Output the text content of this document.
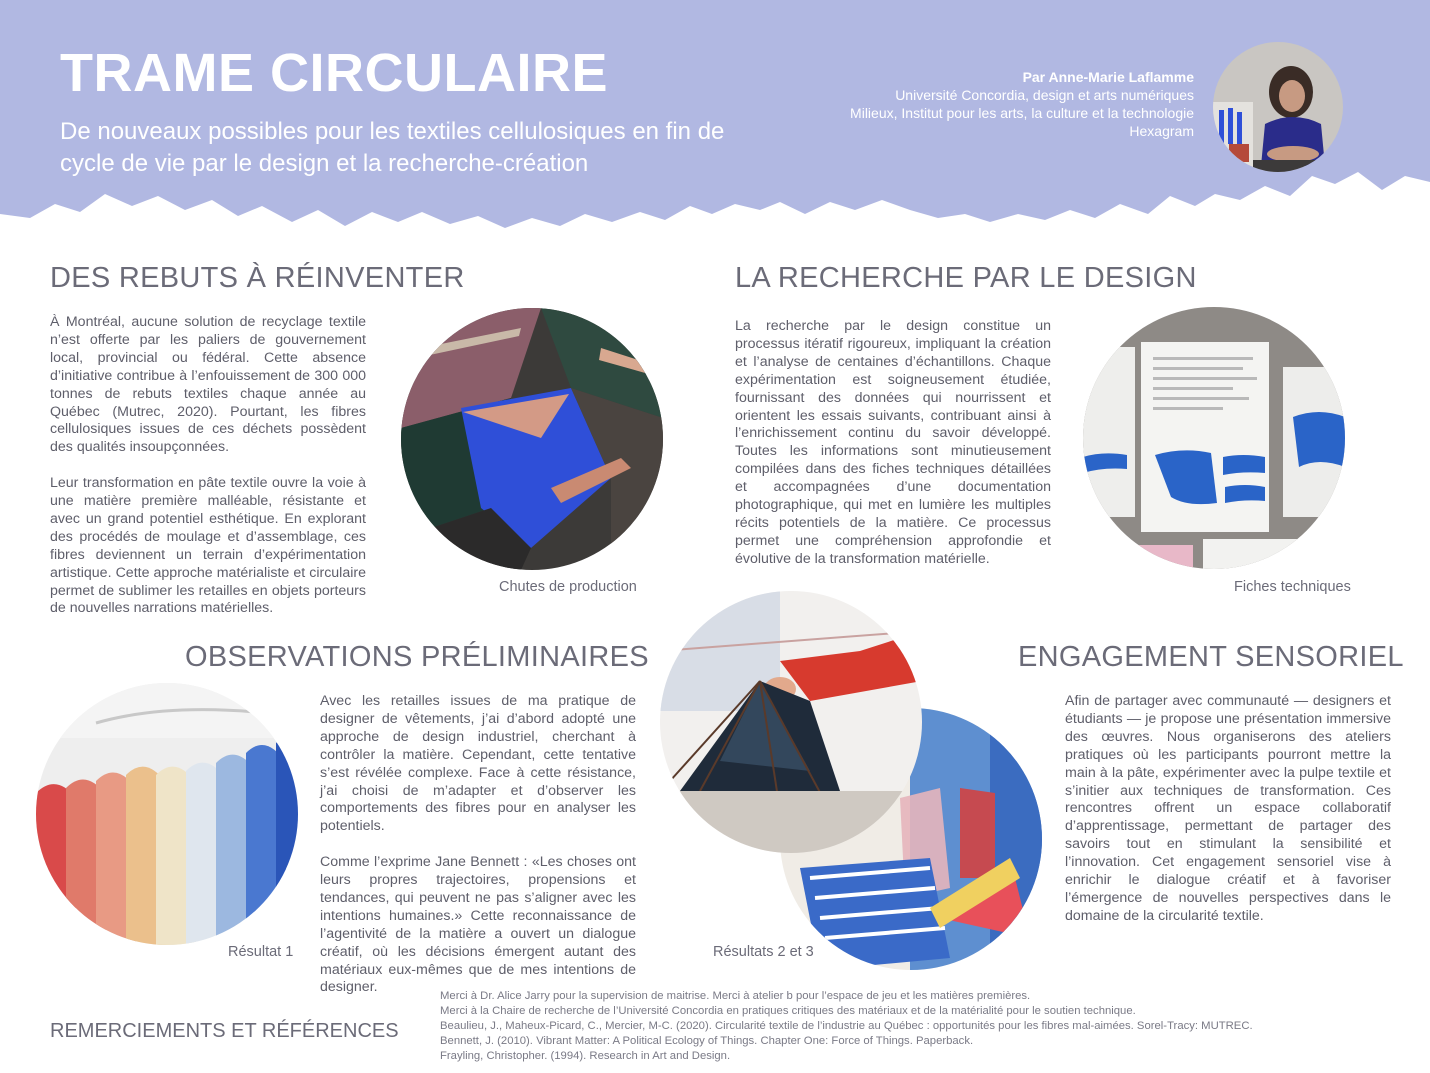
TRAME CIRCULAIRE

De nouveaux possibles pour les textiles cellulosiques en fin de cycle de vie par le design et la recherche-création

Par Anne-Marie Laflamme
Université Concordia, design et arts numériques
Milieux, Institut pour les arts, la culture et la technologie
Hexagram
DES REBUTS À RÉINVENTER

À Montréal, aucune solution de recyclage textile n’est offerte par les paliers de gouvernement local, provincial ou fédéral. Cette absence d’initiative contribue à l’enfouissement de 300 000 tonnes de rebuts textiles chaque année au Québec (Mutrec, 2020). Pourtant, les fibres cellulosiques issues de ces déchets possèdent des qualités insoupçonnées.

Leur transformation en pâte textile ouvre la voie à une matière première malléable, résistante et avec un grand potentiel esthétique. En explorant des procédés de moulage et d’assemblage, ces fibres deviennent un terrain d’expérimentation artistique. Cette approche matérialiste et circulaire permet de sublimer les retailles en objets porteurs de nouvelles narrations matérielles.

Chutes de production
LA RECHERCHE PAR LE DESIGN

La recherche par le design constitue un processus itératif rigoureux, impliquant la création et l’analyse de centaines d’échantillons. Chaque expérimentation est soigneusement étudiée, fournissant des données qui nourrissent et orientent les essais suivants, contribuant ainsi à l’enrichissement continu du savoir développé. Toutes les informations sont minutieusement compilées dans des fiches techniques détaillées et accompagnées d’une documentation photographique, qui met en lumière les multiples récits potentiels de la matière. Ce processus permet une compréhension approfondie et évolutive de la transformation matérielle.

Fiches techniques
OBSERVATIONS PRÉLIMINAIRES
Résultat 1

Avec les retailles issues de ma pratique de designer de vêtements, j’ai d’abord adopté une approche de design industriel, cherchant à contrôler la matière. Cependant, cette tentative s’est révélée complexe. Face à cette résistance, j’ai choisi de m’adapter et d’observer les comportements des fibres pour en analyser les potentiels.

Comme l’exprime Jane Bennett : «Les choses ont leurs propres trajectoires, propensions et tendances, qui peuvent ne pas s’aligner avec les intentions humaines.» Cette reconnaissance de l’agentivité de la matière a ouvert un dialogue créatif, où les décisions émergent autant des matériaux eux-mêmes que de mes intentions de designer.

Résultats 2 et 3
ENGAGEMENT SENSORIEL

Afin de partager avec communauté — designers et étudiants — je propose une présentation immersive des œuvres. Nous organiserons des ateliers pratiques où les participants pourront mettre la main à la pâte, expérimenter avec la pulpe textile et s’initier aux techniques de transformation. Ces rencontres offrent un espace collaboratif d’apprentissage, permettant de partager des savoirs tout en stimulant la sensibilité et l’innovation. Cet engagement sensoriel vise à enrichir le dialogue créatif et à favoriser l’émergence de nouvelles perspectives dans le domaine de la circularité textile.

REMERCIEMENTS ET RÉFÉRENCES
Merci à Dr. Alice Jarry pour la supervision de maitrise. Merci à atelier b pour l’espace de jeu et les matières premières.
Merci à la Chaire de recherche de l’Université Concordia en pratiques critiques des matériaux et de la matérialité pour le soutien technique.
Beaulieu, J., Maheux-Picard, C., Mercier, M-C. (2020). Circularité textile de l’industrie au Québec : opportunités pour les fibres mal-aimées. Sorel-Tracy: MUTREC.
Bennett, J. (2010). Vibrant Matter: A Political Ecology of Things. Chapter One: Force of Things. Paperback.
Frayling, Christopher. (1994). Research in Art and Design.
